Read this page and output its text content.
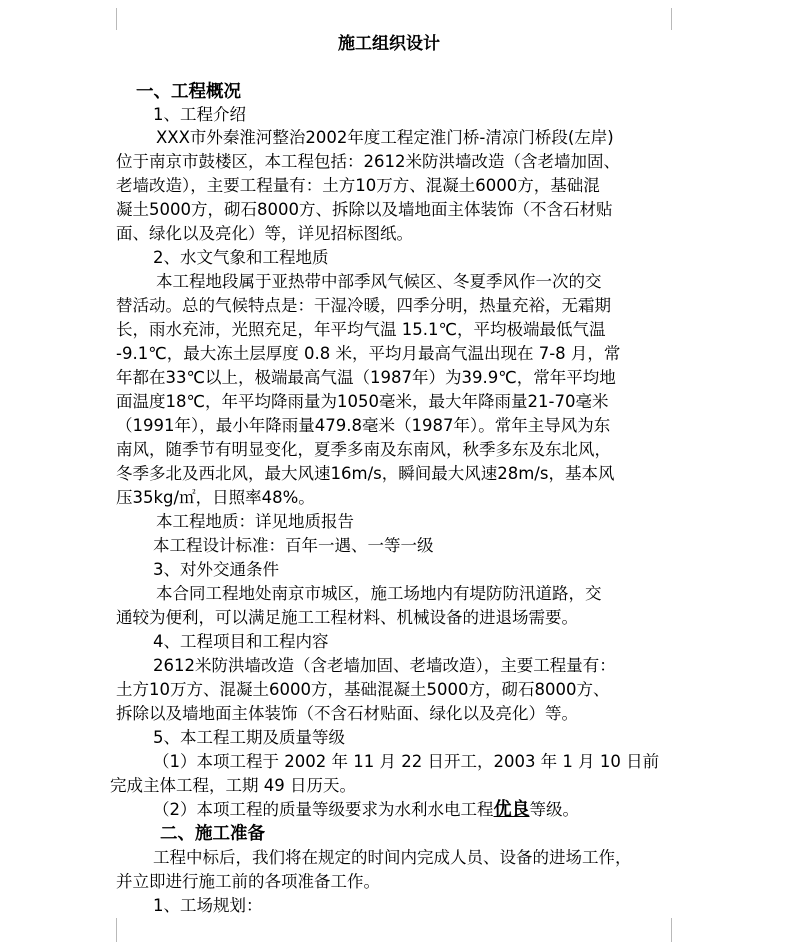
施工组织设计
一、工程概况
1、工程介绍
XXX市外秦淮河整治2002年度工程定淮门桥-清凉门桥段(左岸)
位于南京市鼓楼区，本工程包括：2612米防洪墙改造（含老墙加固、
老墙改造），主要工程量有：土方10万方、混凝土6000方，基础混
凝土5000方，砌石8000方、拆除以及墙地面主体装饰（不含石材贴
面、绿化以及亮化）等，详见招标图纸。
2、水文气象和工程地质
本工程地段属于亚热带中部季风气候区、冬夏季风作一次的交
替活动。总的气候特点是：干湿冷暖，四季分明，热量充裕，无霜期
长，雨水充沛，光照充足，年平均气温 15.1℃，平均极端最低气温
-9.1℃，最大冻土层厚度 0.8 米，平均月最高气温出现在 7-8 月，常
年都在33℃以上，极端最高气温（1987年）为39.9℃，常年平均地
面温度18℃，年平均降雨量为1050毫米，最大年降雨量21-70毫米
（1991年），最小年降雨量479.8毫米（1987年）。常年主导风为东
南风，随季节有明显变化，夏季多南及东南风，秋季多东及东北风，
冬季多北及西北风，最大风速16m/s，瞬间最大风速28m/s，基本风
压35kg/㎡，日照率48%。
本工程地质：详见地质报告
本工程设计标准：百年一遇、一等一级
3、对外交通条件
本合同工程地处南京市城区，施工场地内有堤防防汛道路，交
通较为便利，可以满足施工工程材料、机械设备的进退场需要。
4、工程项目和工程内容
2612米防洪墙改造（含老墙加固、老墙改造），主要工程量有：
土方10万方、混凝土6000方，基础混凝土5000方，砌石8000方、
拆除以及墙地面主体装饰（不含石材贴面、绿化以及亮化）等。
5、本工程工期及质量等级
（1）本项工程于 2002 年 11 月 22 日开工，2003 年 1 月 10 日前
完成主体工程，工期 49 日历天。
（2）本项工程的质量等级要求为水利水电工程优良等级。
二、施工准备
工程中标后，我们将在规定的时间内完成人员、设备的进场工作，
并立即进行施工前的各项准备工作。
1、工场规划：
